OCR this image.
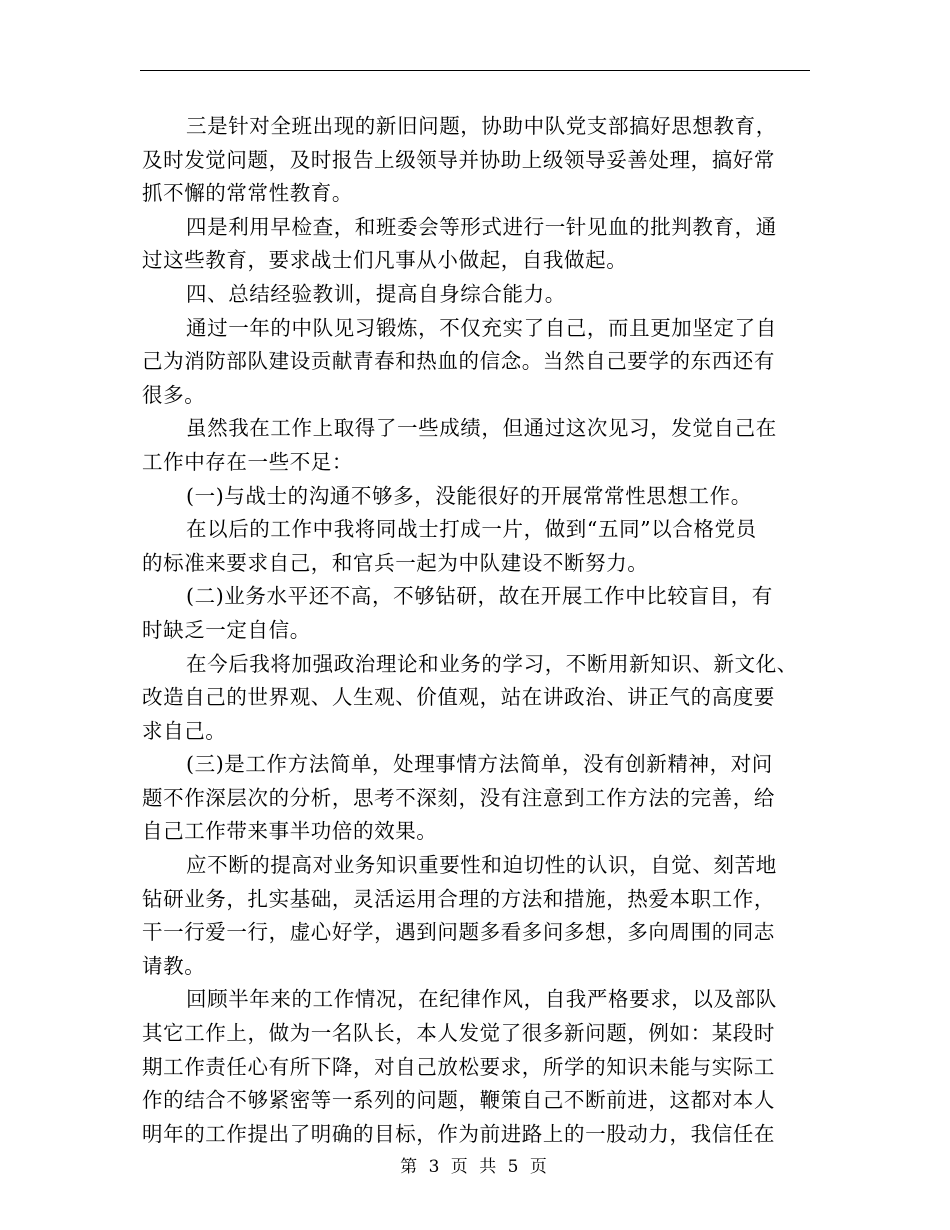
三是针对全班出现的新旧问题，协助中队党支部搞好思想教育，
及时发觉问题，及时报告上级领导并协助上级领导妥善处理，搞好常
抓不懈的常常性教育。
四是利用早检查，和班委会等形式进行一针见血的批判教育，通
过这些教育，要求战士们凡事从小做起，自我做起。
四、总结经验教训，提高自身综合能力。
通过一年的中队见习锻炼，不仅充实了自己，而且更加坚定了自
己为消防部队建设贡献青春和热血的信念。当然自己要学的东西还有
很多。
虽然我在工作上取得了一些成绩，但通过这次见习，发觉自己在
工作中存在一些不足：
(一)与战士的沟通不够多，没能很好的开展常常性思想工作。
在以后的工作中我将同战士打成一片，做到“五同”以合格党员
的标准来要求自己，和官兵一起为中队建设不断努力。
(二)业务水平还不高，不够钻研，故在开展工作中比较盲目，有
时缺乏一定自信。
在今后我将加强政治理论和业务的学习，不断用新知识、新文化、
改造自己的世界观、人生观、价值观，站在讲政治、讲正气的高度要
求自己。
(三)是工作方法简单，处理事情方法简单，没有创新精神，对问
题不作深层次的分析，思考不深刻，没有注意到工作方法的完善，给
自己工作带来事半功倍的效果。
应不断的提高对业务知识重要性和迫切性的认识，自觉、刻苦地
钻研业务，扎实基础，灵活运用合理的方法和措施，热爱本职工作，
干一行爱一行，虚心好学，遇到问题多看多问多想，多向周围的同志
请教。
回顾半年来的工作情况，在纪律作风，自我严格要求，以及部队
其它工作上，做为一名队长，本人发觉了很多新问题，例如：某段时
期工作责任心有所下降，对自己放松要求，所学的知识未能与实际工
作的结合不够紧密等一系列的问题，鞭策自己不断前进，这都对本人
明年的工作提出了明确的目标，作为前进路上的一股动力，我信任在
第 3 页 共 5 页
